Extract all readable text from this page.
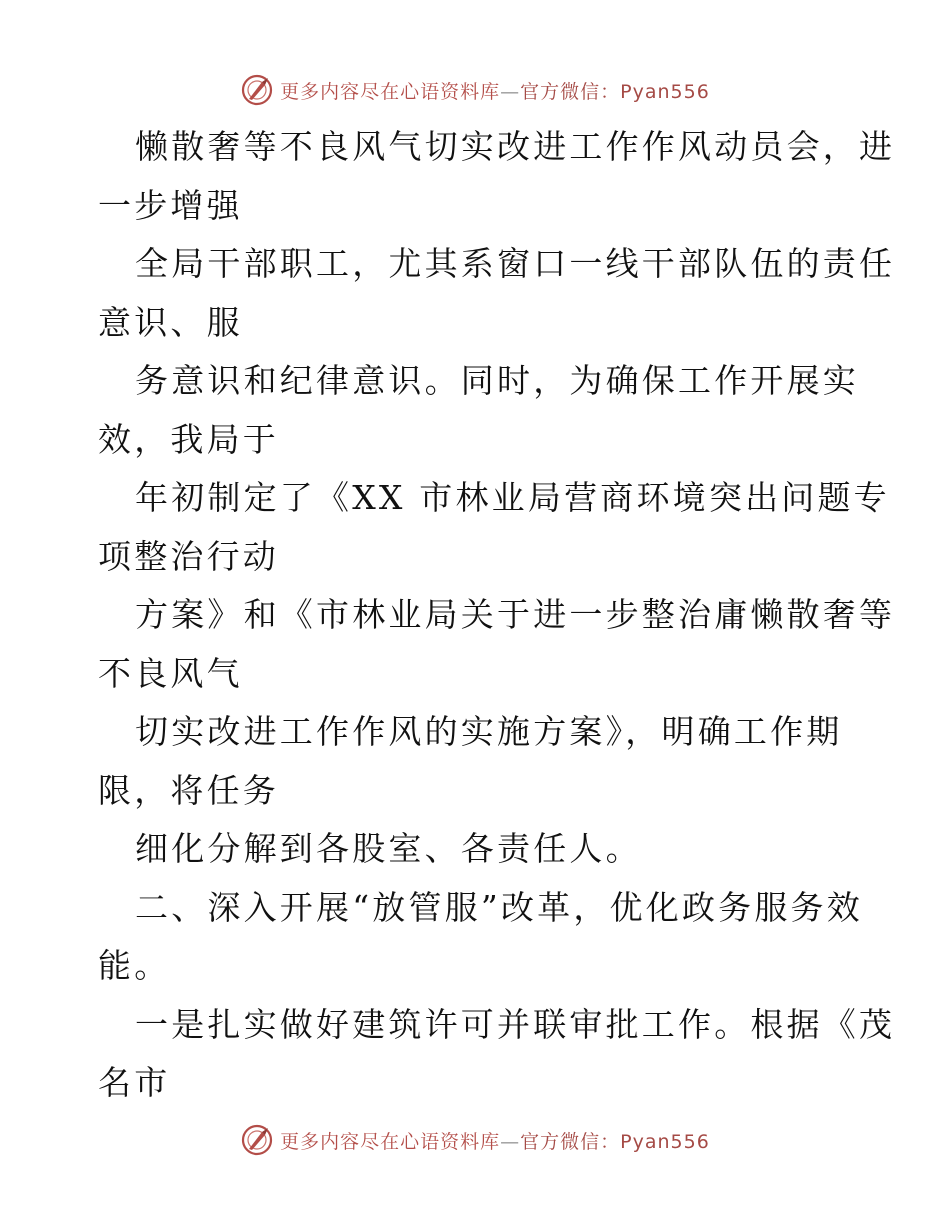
更多内容尽在心语资料库—官方微信：Pyan556
懒散奢等不良风气切实改进工作作风动员会，进
一步增强
全局干部职工，尤其系窗口一线干部队伍的责任
意识、服
务意识和纪律意识。同时，为确保工作开展实
效，我局于
年初制定了《XX 市林业局营商环境突出问题专
项整治行动
方案》和《市林业局关于进一步整治庸懒散奢等
不良风气
切实改进工作作风的实施方案》，明确工作期
限，将任务
细化分解到各股室、各责任人。
二、深入开展“放管服”改革，优化政务服务效
能。
一是扎实做好建筑许可并联审批工作。根据《茂
名市
更多内容尽在心语资料库—官方微信：Pyan556
